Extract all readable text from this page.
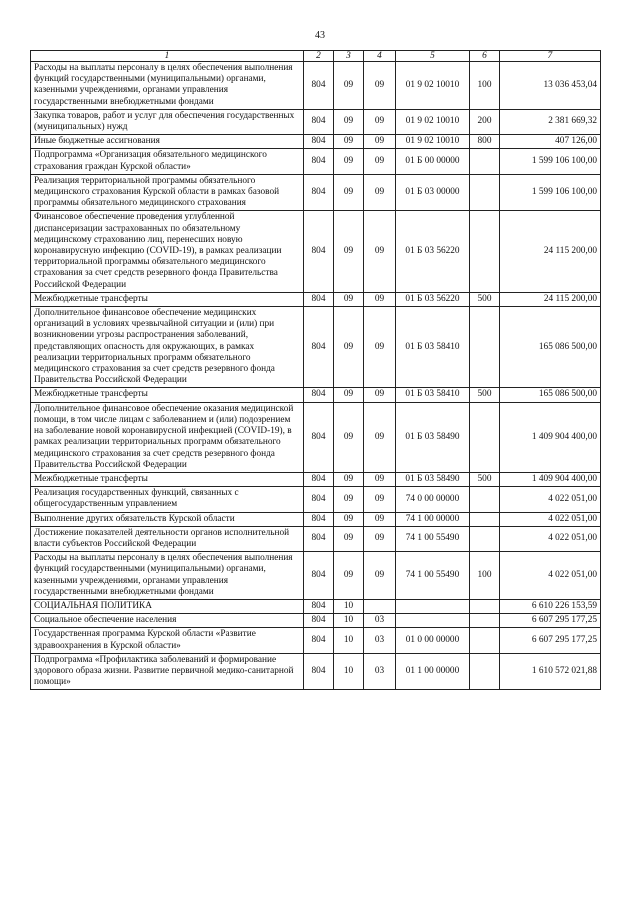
43
1	2	3	4	5	6	7
Расходы на выплаты персоналу в целях обеспечения выполнения функций государственными (муниципальными) органами, казенными учреждениями, органами управления государственными внебюджетными фондами	804	09	09	01 9 02 10010	100	13 036 453,04
Закупка товаров, работ и услуг для обеспечения государственных (муниципальных) нужд	804	09	09	01 9 02 10010	200	2 381 669,32
Иные бюджетные ассигнования	804	09	09	01 9 02 10010	800	407 126,00
Подпрограмма «Организация обязательного медицинского страхования граждан Курской области»	804	09	09	01 Б 00 00000		1 599 106 100,00
Реализация территориальной программы обязательного медицинского страхования Курской области в рамках базовой программы обязательного медицинского страхования	804	09	09	01 Б 03 00000		1 599 106 100,00
Финансовое обеспечение проведения углубленной диспансеризации застрахованных по обязательному медицинскому страхованию лиц, перенесших новую коронавирусную инфекцию (COVID-19), в рамках реализации территориальной программы обязательного медицинского страхования за счет средств резервного фонда Правительства Российской Федерации	804	09	09	01 Б 03 56220		24 115 200,00
Межбюджетные трансферты	804	09	09	01 Б 03 56220	500	24 115 200,00
Дополнительное финансовое обеспечение медицинских организаций в условиях чрезвычайной ситуации и (или) при возникновении угрозы распространения заболеваний, представляющих опасность для окружающих, в рамках реализации территориальных программ обязательного медицинского страхования за счет средств резервного фонда Правительства Российской Федерации	804	09	09	01 Б 03 58410		165 086 500,00
Межбюджетные трансферты	804	09	09	01 Б 03 58410	500	165 086 500,00
Дополнительное финансовое обеспечение оказания медицинской помощи, в том числе лицам с заболеванием и (или) подозрением на заболевание новой коронавирусной инфекцией (COVID-19), в рамках реализации территориальных программ обязательного медицинского страхования за счет средств резервного фонда Правительства Российской Федерации	804	09	09	01 Б 03 58490		1 409 904 400,00
Межбюджетные трансферты	804	09	09	01 Б 03 58490	500	1 409 904 400,00
Реализация государственных функций, связанных с общегосударственным управлением	804	09	09	74 0 00 00000		4 022 051,00
Выполнение других обязательств Курской области	804	09	09	74 1 00 00000		4 022 051,00
Достижение показателей деятельности органов исполнительной власти субъектов Российской Федерации	804	09	09	74 1 00 55490		4 022 051,00
Расходы на выплаты персоналу в целях обеспечения выполнения функций государственными (муниципальными) органами, казенными учреждениями, органами управления государственными внебюджетными фондами	804	09	09	74 1 00 55490	100	4 022 051,00
СОЦИАЛЬНАЯ ПОЛИТИКА	804	10				6 610 226 153,59
Социальное обеспечение населения	804	10	03			6 607 295 177,25
Государственная программа Курской области «Развитие здравоохранения в Курской области»	804	10	03	01 0 00 00000		6 607 295 177,25
Подпрограмма «Профилактика заболеваний и формирование здорового образа жизни. Развитие первичной медико-санитарной помощи»	804	10	03	01 1 00 00000		1 610 572 021,88
